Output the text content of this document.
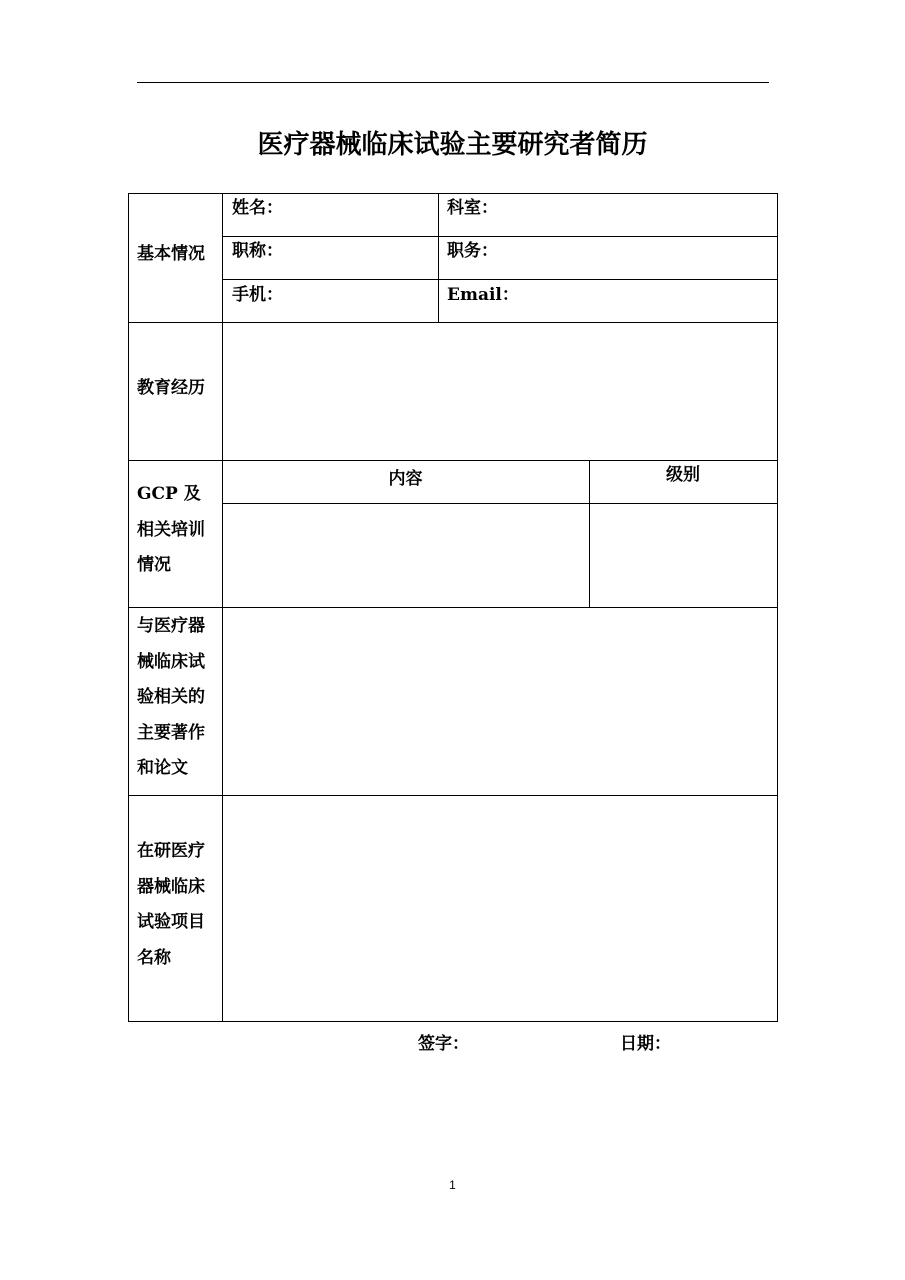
医疗器械临床试验主要研究者简历
基本情况
姓名：	科室：
职称：	职务：
手机：	Email：
教育经历
GCP 及
相关培训
情况
内容	级别
与医疗器
械临床试
验相关的
主要著作
和论文
在研医疗
器械临床
试验项目
名称
签字：	日期：
1
